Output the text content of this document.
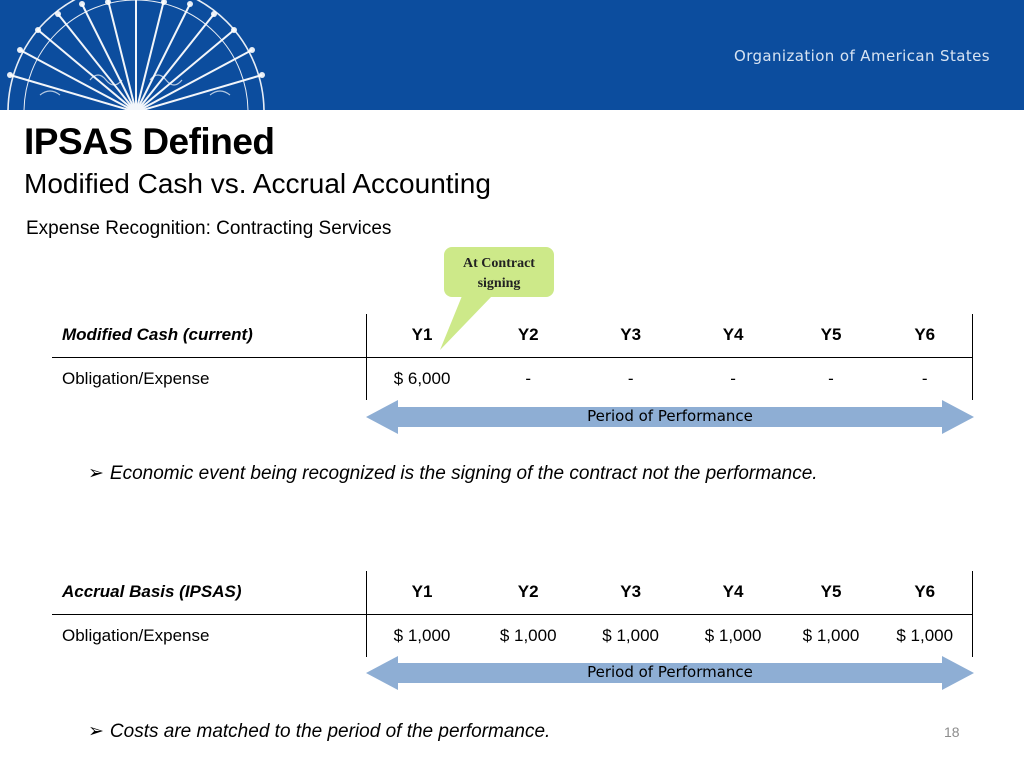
Organization of American States
IPSAS Defined
Modified Cash vs. Accrual Accounting
Expense Recognition: Contracting Services
At Contract signing
Modified Cash (current)	Y1	Y2	Y3	Y4	Y5	Y6
Obligation/Expense	$ 6,000	-	-	-	-	-
Period of Performance
➢ Economic event being recognized is the signing of the contract not the performance.
Accrual Basis (IPSAS)	Y1	Y2	Y3	Y4	Y5	Y6
Obligation/Expense	$ 1,000	$ 1,000	$ 1,000	$ 1,000	$ 1,000	$ 1,000
Period of Performance
➢ Costs are matched to the period of the performance.	18
